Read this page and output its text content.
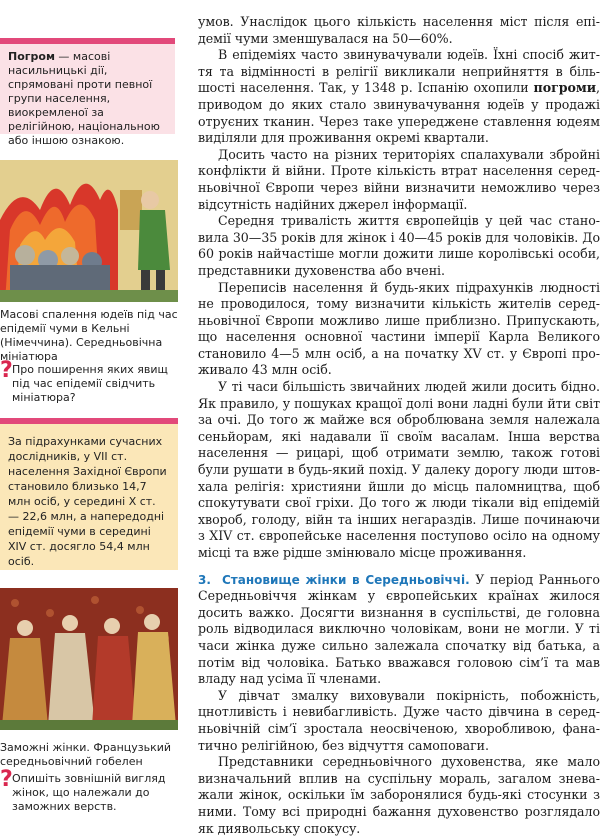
Погром — масові насильницькі дії, спрямовані проти певної групи населення, виокремленої за релігійною, національною або іншою ознакою.
Масові спалення юдеїв під час епідемії чуми в Кельні (Німеччина). Середньовічна мініатюра
? Про поширення яких явищ під час епідемії свідчить мініатюра?
За підрахунками сучасних дослідників, у VII ст. населення Західної Європи становило близько 14,7 млн осіб, у середині X ст. — 22,6 млн, а напередодні епідемії чуми в середині XIV ст. досягло 54,4 млн осіб.
Заможні жінки. Французький середньовічний гобелен
? Опишіть зовнішній вигляд жінок, що належали до заможних верств.

умов. Унаслідок цього кількість населення міст після епідемії чуми зменшувалася на 50—60%.

В епідеміях часто звинувачували юдеїв. Їхні спосіб життя та відмінності в релігії викликали неприйняття в більшості населення. Так, у 1348 р. Іспанію охопили погроми, приводом до яких стало звинувачування юдеїв у продажі отруєних тканин. Через таке упереджене ставлення юдеям виділяли для проживання окремі квартали.

Досить часто на різних територіях спалахували збройні конфлікти й війни. Проте кількість втрат населення середньовічної Європи через війни визначити неможливо через відсутність надійних джерел інформації.

Середня тривалість життя європейців у цей час становила 30—35 років для жінок і 40—45 років для чоловіків. До 60 років найчастіше могли дожити лише королівські особи, представники духовенства або вчені.

Переписів населення й будь-яких підрахунків людності не проводилося, тому визначити кількість жителів середньовічної Європи можливо лише приблизно. Припускають, що населення основної частини імперії Карла Великого становило 4—5 млн осіб, а на початку XV ст. у Європі проживало 43 млн осіб.

У ті часи більшість звичайних людей жили досить бідно. Як правило, у пошуках кращої долі вони ладні були йти світ за очі. До того ж майже вся оброблювана земля належала сеньйорам, які надавали її своїм васалам. Інша верства населення — рицарі, щоб отримати землю, також готові були рушати в будь-який похід. У далеку дорогу люди штовхала релігія: християни йшли до місць паломництва, щоб спокутувати свої гріхи. До того ж люди тікали від епідемій хвороб, голоду, війн та інших негараздів. Лише починаючи з XIV ст. європейське населення поступово осіло на одному місці та вже рідше змінювало місце проживання.

3. Становище жінки в Середньовіччі. У період Раннього Середньовіччя жінкам у європейських країнах жилося досить важко. Досягти визнання в суспільстві, де головна роль відводилася виключно чоловікам, вони не могли. У ті часи жінка дуже сильно залежала спочатку від батька, а потім від чоловіка. Батько вважався головою сім’ї та мав владу над усіма її членами.

У дівчат змалку виховували покірність, побожність, цнотливість і невибагливість. Дуже часто дівчина в середньовічній сім’ї зростала неосвіченою, хворобливою, фанатично релігійною, без відчуття самоповаги.

Представники середньовічного духовенства, яке мало визначальний вплив на суспільну мораль, загалом зневажали жінок, оскільки їм заборонялися будь-які стосунки з ними. Тому всі природні бажання духовенство розглядало як диявольську спокусу.
